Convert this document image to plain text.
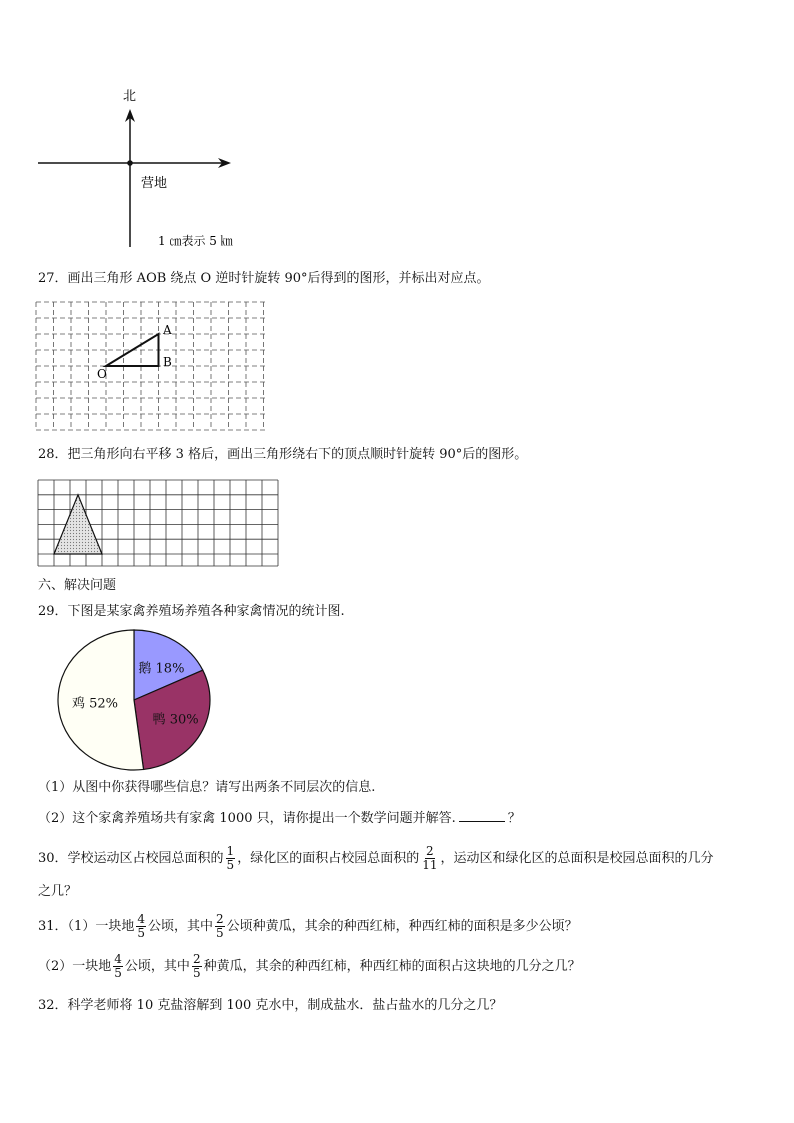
北
营地
1 ㎝表示 5 ㎞
27．画出三角形 AOB 绕点 O 逆时针旋转 90°后得到的图形，并标出对应点。
A
B
O
28．把三角形向右平移 3 格后，画出三角形绕右下的顶点顺时针旋转 90°后的图形。
六、解决问题
29．下图是某家禽养殖场养殖各种家禽情况的统计图.
鹅 18%
鸭 30%
鸡 52%
（1）从图中你获得哪些信息？请写出两条不同层次的信息.
（2）这个家禽养殖场共有家禽 1000 只，请你提出一个数学问题并解答.	？
30．学校运动区占校园总面积的 $\frac{1}{5}$ ，绿化区的面积占校园总面积的 $\frac{2}{11}$ ，运动区和绿化区的总面积是校园总面积的几分
之几？
31．（1）一块地 $\frac{4}{5}$ 公顷，其中 $\frac{2}{5}$ 公顷种黄瓜，其余的种西红柿，种西红柿的面积是多少公顷？
（2）一块地 $\frac{4}{5}$ 公顷，其中 $\frac{2}{5}$ 种黄瓜，其余的种西红柿，种西红柿的面积占这块地的几分之几？
32．科学老师将 10 克盐溶解到 100 克水中，制成盐水．盐占盐水的几分之几？
